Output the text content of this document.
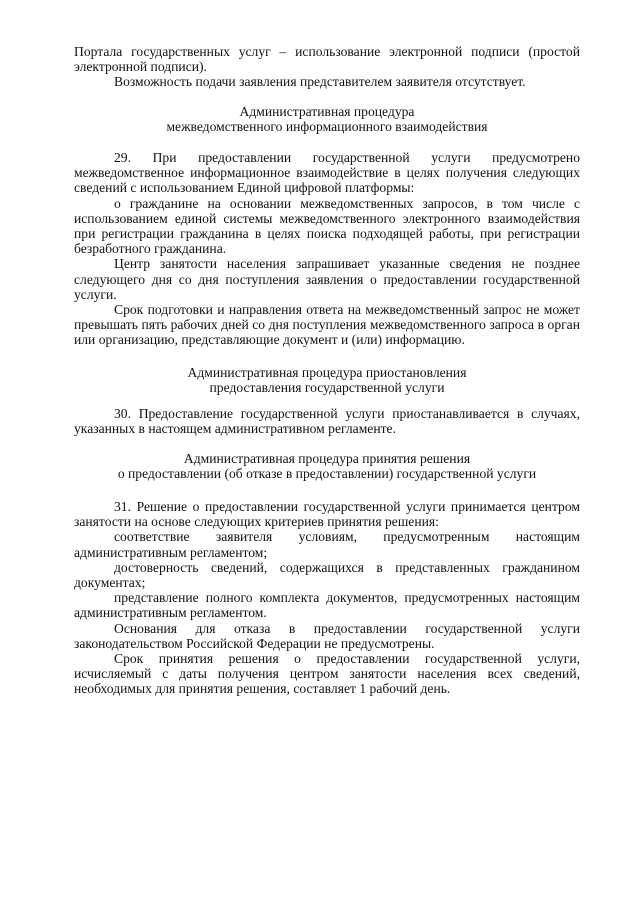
Портала государственных услуг – использование электронной подписи (простой электронной подписи).

Возможность подачи заявления представителем заявителя отсутствует.

Административная процедура

межведомственного информационного взаимодействия

29. При предоставлении государственной услуги предусмотрено межведомственное информационное взаимодействие в целях получения следующих сведений с использованием Единой цифровой платформы:

о гражданине на основании межведомственных запросов, в том числе с использованием единой системы межведомственного электронного взаимодействия при регистрации гражданина в целях поиска подходящей работы, при регистрации безработного гражданина.

Центр занятости населения запрашивает указанные сведения не позднее следующего дня со дня поступления заявления о предоставлении государственной услуги.

Срок подготовки и направления ответа на межведомственный запрос не может превышать пять рабочих дней со дня поступления межведомственного запроса в орган или организацию, представляющие документ и (или) информацию.

Административная процедура приостановления

предоставления государственной услуги

30. Предоставление государственной услуги приостанавливается в случаях, указанных в настоящем административном регламенте.

Административная процедура принятия решения

о предоставлении (об отказе в предоставлении) государственной услуги

31. Решение о предоставлении государственной услуги принимается центром занятости на основе следующих критериев принятия решения:

соответствие заявителя условиям, предусмотренным настоящим административным регламентом;

достоверность сведений, содержащихся в представленных гражданином документах;

представление полного комплекта документов, предусмотренных настоящим административным регламентом.

Основания для отказа в предоставлении государственной услуги законодательством Российской Федерации не предусмотрены.

Срок принятия решения о предоставлении государственной услуги, исчисляемый с даты получения центром занятости населения всех сведений, необходимых для принятия решения, составляет 1 рабочий день.
